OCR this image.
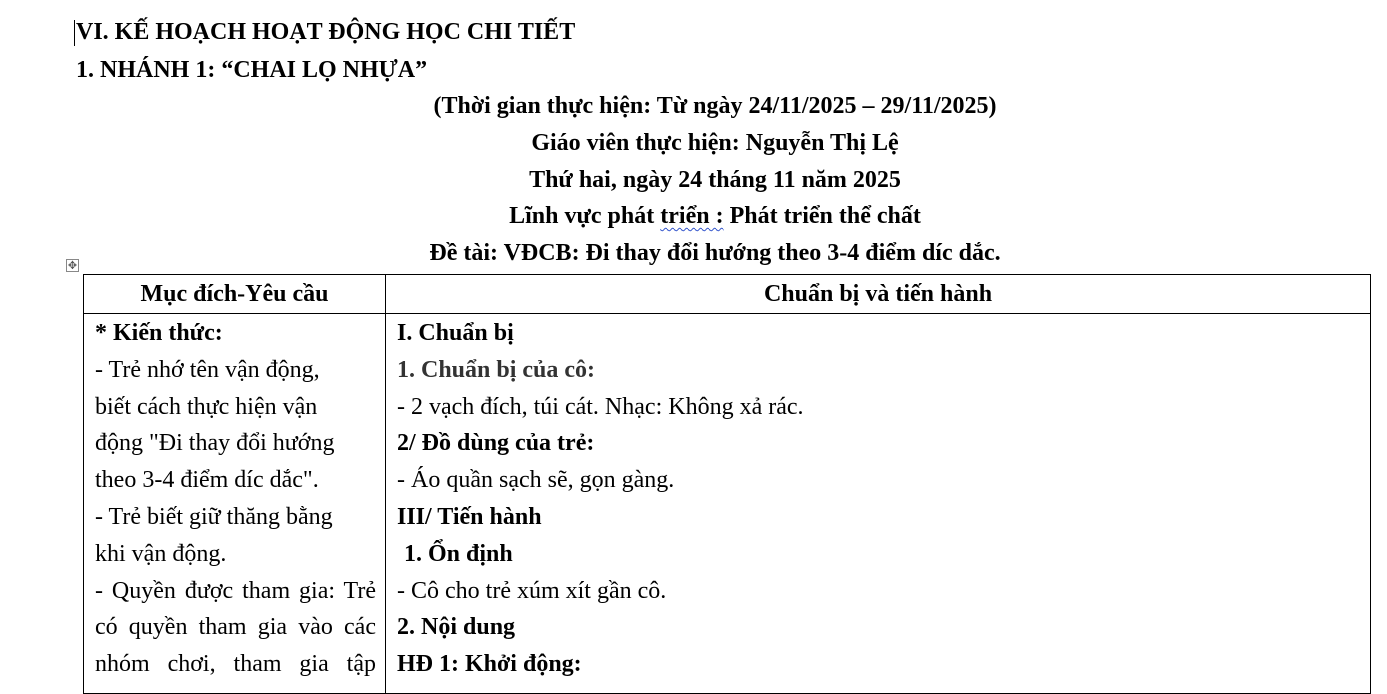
VI. KẾ HOẠCH HOẠT ĐỘNG HỌC CHI TIẾT
1. NHÁNH 1: “CHAI LỌ NHỰA”
(Thời gian thực hiện: Từ ngày 24/11/2025 – 29/11/2025)
Giáo viên thực hiện: Nguyễn Thị Lệ
Thứ hai, ngày 24 tháng 11 năm 2025
Lĩnh vực phát triển : Phát triển thể chất
Đề tài: VĐCB: Đi thay đổi hướng theo 3-4 điểm díc dắc.
✥
Mục đích-Yêu cầu	Chuẩn bị và tiến hành
* Kiến thức:
- Trẻ nhớ tên vận động,
biết cách thực hiện vận
động "Đi thay đổi hướng
theo 3-4 điểm díc dắc".
- Trẻ biết giữ thăng bằng
khi vận động.
- Quyền được tham gia: Trẻ
có quyền tham gia vào các
nhóm chơi, tham gia tập
I. Chuẩn bị
1. Chuẩn bị của cô:
- 2 vạch đích, túi cát. Nhạc: Không xả rác.
2/ Đồ dùng của trẻ:
- Áo quần sạch sẽ, gọn gàng.
III/ Tiến hành
1. Ổn định
- Cô cho trẻ xúm xít gần cô.
2. Nội dung
HĐ 1: Khởi động:
